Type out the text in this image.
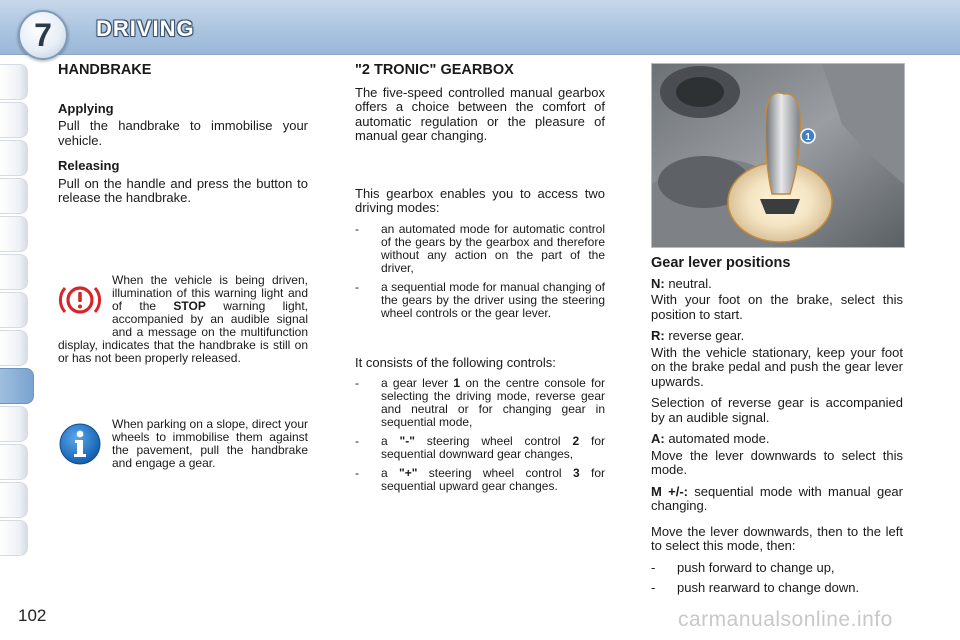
7	DRIVING
HANDBRAKE
Applying

Pull the handbrake to immobilise your vehicle.

Releasing

Pull on the handle and press the button to release the handbrake.

When the vehicle is being driven, illumination of this warning light and of the STOP warning light, accompanied by an audible signal and a message on the multifunction display, indicates that the handbrake is still on or has not been properly released.

When parking on a slope, direct your wheels to immobilise them against the pavement, pull the handbrake and engage a gear.

"2 TRONIC" GEARBOX

The five-speed controlled manual gearbox offers a choice between the comfort of automatic regulation or the pleasure of manual gear changing.

This gearbox enables you to access two driving modes:

-	an automated mode for automatic control of the gears by the gearbox and therefore without any action on the part of the driver,
-	a sequential mode for manual changing of the gears by the driver using the steering wheel controls or the gear lever.

It consists of the following controls:

-	a gear lever 1 on the centre console for selecting the driving mode, reverse gear and neutral or for changing gear in sequential mode,
-	a "-" steering wheel control 2 for sequential downward gear changes,
-	a "+" steering wheel control 3 for sequential upward gear changes.
1
Gear lever positions

N: neutral.

With your foot on the brake, select this position to start.

R: reverse gear.

With the vehicle stationary, keep your foot on the brake pedal and push the gear lever upwards.

Selection of reverse gear is accompanied by an audible signal.

A: automated mode.

Move the lever downwards to select this mode.

M +/-: sequential mode with manual gear changing.

Move the lever downwards, then to the left to select this mode, then:

-	push forward to change up,
-	push rearward to change down.
102	carmanualsonline.info
